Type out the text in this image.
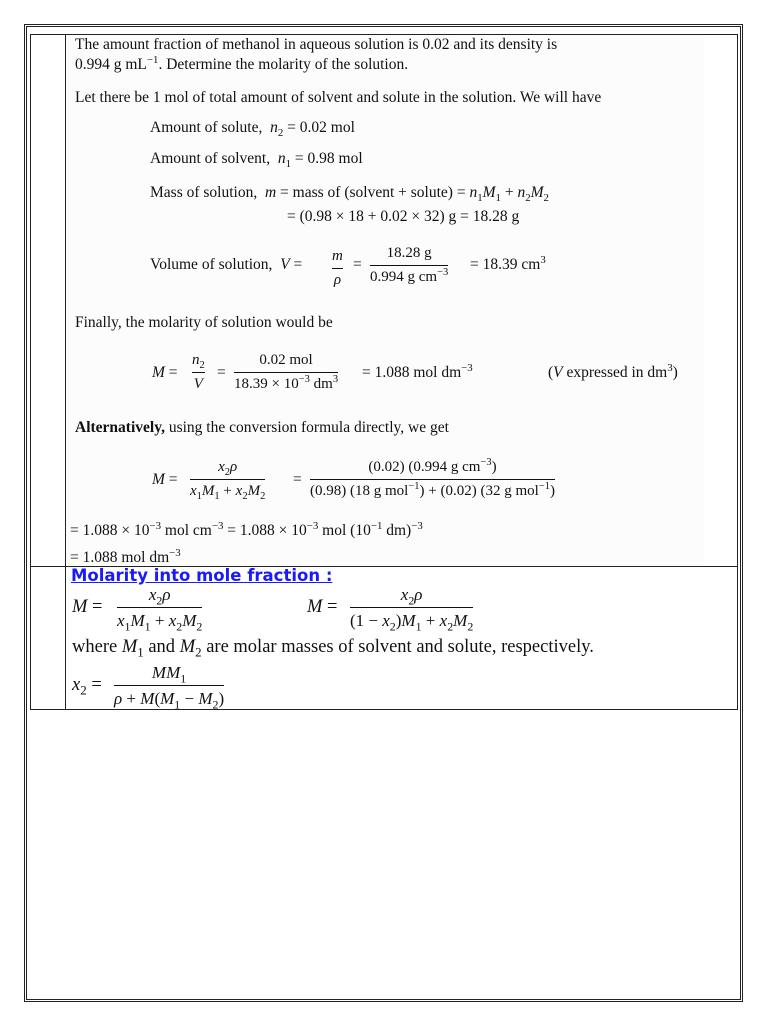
The amount fraction of methanol in aqueous solution is 0.02 and its density is
0.994 g $mL^{-1}$. Determine the molarity of the solution.
Let there be 1 mol of total amount of solvent and solute in the solution. We will have
Amount of solute, $n_2 = 0.02$ mol
Amount of solvent, $n_1 = 0.98$ mol
Mass of solution, m = mass of (solvent + solute) = $n_1M_1 + n_2M_2$
= (0.98 × 18 + 0.02 × 32) g = 18.28 g
Volume of solution, V = m
ρ
=
18.28 g
0.994 g $cm^{-3} = 18.39$ $cm^3$
Finally, the molarity of solution would be
M =
$n_2$
V
=
0.02 mol
$18.39 \times 10^{-3}$ $dm^3 = 1.088$ mol $dm^{-3}$	(V expressed in $dm^3$)
Alternatively, using the conversion formula directly, we get
M =
$x_2\rho$
$x_1M_1 + x_2M_2$
=
(0.02) (0.994 g $cm^{-3}$)
(0.98) (18 g mol$^{-1}$) + (0.02) (32 g mol$^{-1}$)
= $1.088 \times 10^{-3}$ mol $cm^{-3} = 1.088 \times 10^{-3}$ mol ($10^{-1}$ dm)$^{-3}$
= 1.088 mol $dm^{-3}$
Molarity into mole fraction :
M =
$x_2\rho$
$x_1M_1 + x_2M_2$
M =
$x_2\rho$
$(1 - x_2)M_1 + x_2M_2$
where $M_1$ and $M_2$ are molar masses of solvent and solute, respectively.
$x_2$ =
$MM_1$
$\rho + M(M_1 - M_2)$
